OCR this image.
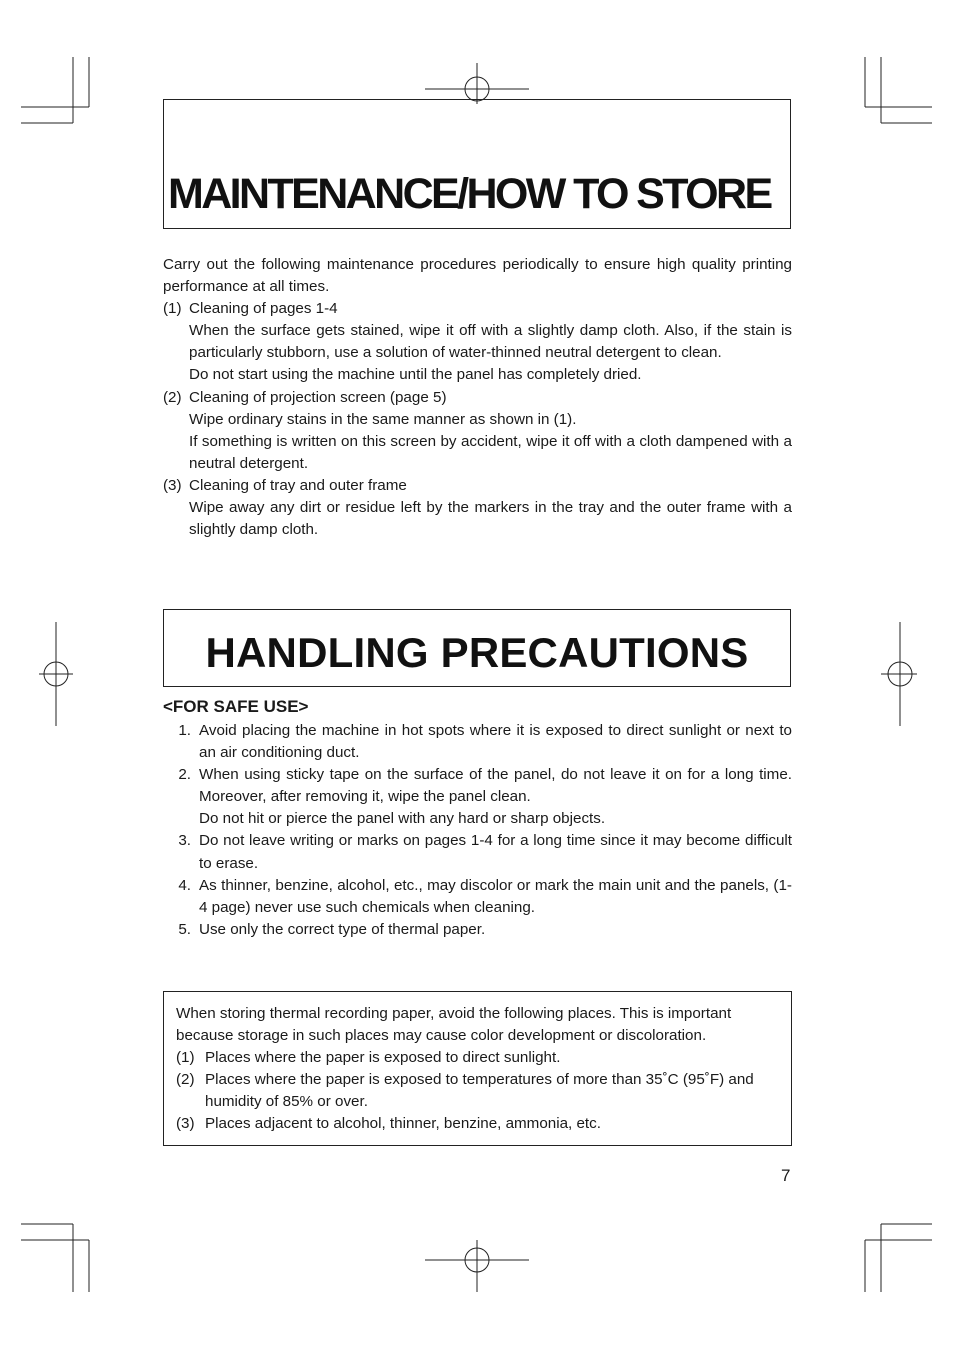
MAINTENANCE/HOW TO STORE

Carry out the following maintenance procedures periodically to ensure high quality printing performance at all times.

(1) Cleaning of pages 1-4
When the surface gets stained, wipe it off with a slightly damp cloth. Also, if the stain is particularly stubborn, use a solution of water-thinned neutral detergent to clean.
Do not start using the machine until the panel has completely dried.
(2) Cleaning of projection screen (page 5)
Wipe ordinary stains in the same manner as shown in (1).
If something is written on this screen by accident, wipe it off with a cloth dampened with a neutral detergent.
(3) Cleaning of tray and outer frame
Wipe away any dirt or residue left by the markers in the tray and the outer frame with a slightly damp cloth.
HANDLING PRECAUTIONS

<FOR SAFE USE>

1. Avoid placing the machine in hot spots where it is exposed to direct sunlight or next to an air conditioning duct.
2. When using sticky tape on the surface of the panel, do not leave it on for a long time. Moreover, after removing it, wipe the panel clean.
Do not hit or pierce the panel with any hard or sharp objects.
3. Do not leave writing or marks on pages 1-4 for a long time since it may become difficult to erase.
4. As thinner, benzine, alcohol, etc., may discolor or mark the main unit and the panels, (1-4 page) never use such chemicals when cleaning.
5. Use only the correct type of thermal paper.

When storing thermal recording paper, avoid the following places. This is important because storage in such places may cause color development or discoloration.

(1) Places where the paper is exposed to direct sunlight.
(2) Places where the paper is exposed to temperatures of more than 35˚C (95˚F) and humidity of 85% or over.
(3) Places adjacent to alcohol, thinner, benzine, ammonia, etc.
7
